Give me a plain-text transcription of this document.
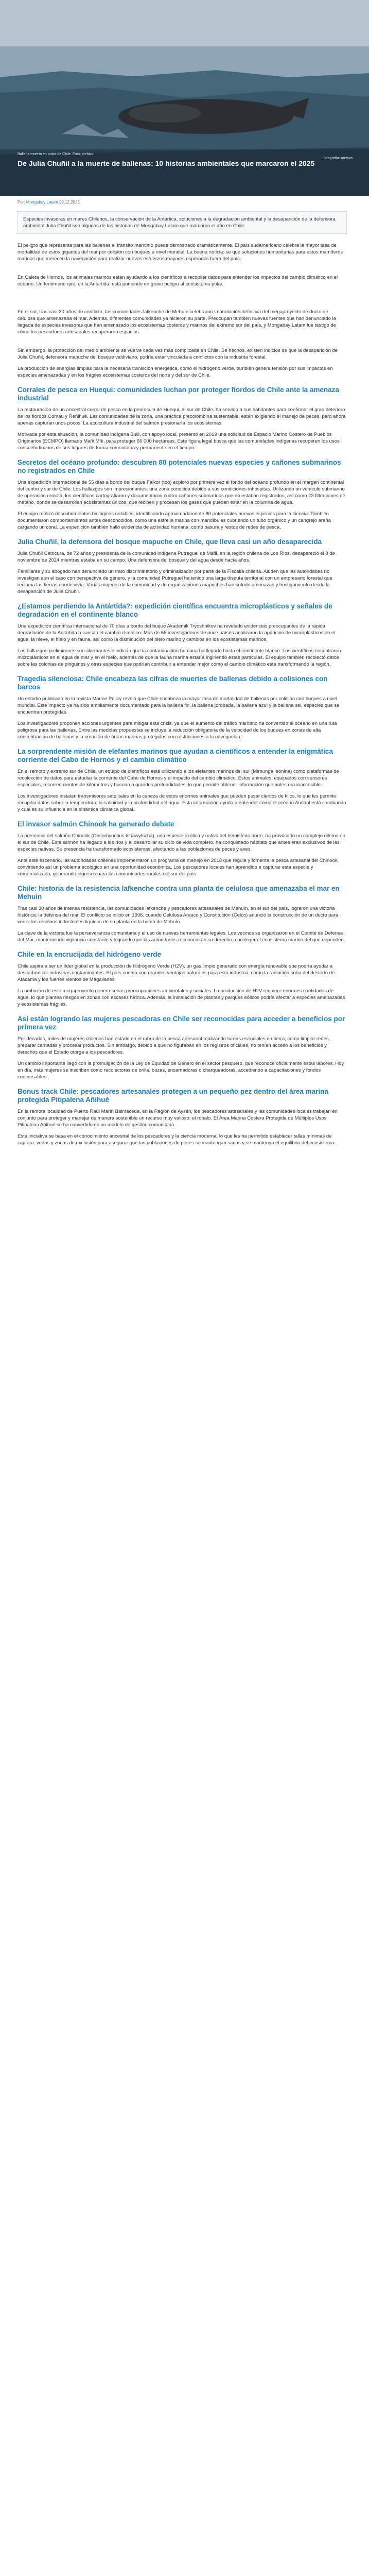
Ballena muerta en costa de Chile. Foto: archivo
Fotografía: archivo
De Julia Chuñil a la muerte de ballenas: 10 historias ambientales que marcaron el 2025
Por: Mongabay Latam 29.12.2025
Especies invasoras en mares Chilenos, la conservación de la Antártica, soluciones a la degradación ambiental y la desaparición de la defensora ambiental Julia Chuñil son algunas de las historias de Mongabay Latam que marcaron el año en Chile.

El peligro que representa para las ballenas el tránsito marítimo puede demostrado dramáticamente. El país sudamericano celebra la mayor tasa de mortalidad de estos gigantes del mar por colisión con buques a nivel mundial. La buena noticia: se que soluciones humanitarias para estos mamíferos marinos que merecen la navegación para realizar nuevos esfuerzos mayores esperados fuera del país.

En Caleta de Hornos, los animales marinos están ayudando a los científicos a recopilar datos para entender los impactos del cambio climático en el océano. Un fenómeno que, en la Antártida, está poniendo en grave peligro al ecosistema polar.

En el sur, tras casi 30 años de conflicto, las comunidades lafkenche de Mehuín celebraron la anulación definitiva del megaproyecto de ducto de celulosa que amenazaba el mar. Además, diferentes comunidades ya hicieron su parte. Preocupan también nuevas fuentes que han denunciado la llegada de especies invasoras que han amenazado los ecosistemas costeros y marinos del extremo sur del país, y Mongabay Latam fue testigo de cómo los pescadores artesanales recuperaron espacios.

Sin embargo, la protección del medio ambiente se vuelve cada vez más complicada en Chile. Se hechos, existen indicios de que la desaparición de Julia Chuñil, defensora mapuche del bosque valdiviano, podría estar vinculada a conflictos con la industria forestal.

La producción de energías limpias para la necesaria transición energética, como el hidrógeno verde, también genera tensión por sus impactos en especies amenazadas y en los frágiles ecosistemas costeros del norte y del sur de Chile.

Corrales de pesca en Huequi: comunidades luchan por proteger fiordos de Chile ante la amenaza industrial

La restauración de un ancestral corral de pesca en la península de Huequi, al sur de Chile, ha servido a sus habitantes para confirmar el gran deterioro de los fiordos Comau y Reñihué. Las comunidades de la zona, una práctica precolombina sustentable, están exigiendo el manejo de peces, pero ahora apenas capturan unos pocos. La acuicultura industrial del salmón presionaría los ecosistemas.

Motivada por esta situación, la comunidad indígena Buill, con apoyo local, presentó en 2019 una solicitud de Espacio Marino Costero de Pueblos Originarios (ECMPO) llamado Mañi Mñi, para proteger 66 000 hectáreas. Este figura legal busca que las comunidades indígenas recuperen los usos consuetudinarios de sus lugares de forma comunitaria y permanente en el tiempo.

Secretos del océano profundo: descubren 80 potenciales nuevas especies y cañones submarinos no registrados en Chile

Una expedición internacional de 55 días a bordo del buque Falkor (too) exploró por primera vez el fondo del océano profundo en el margen continental del centro y sur de Chile. Los hallazgos son impresionantes: una zona conocida debido a sus condiciones inhóspitas. Utilizando un vehículo submarino de operación remota, los científicos cartografiaron y documentaron cuatro cañones submarinos que no estaban registrados, así como 23 filtraciones de metano, donde se desarrollan ecosistemas únicos, que reciben y procesan los gases que pueden estar en la columna de agua.

El equipo realizó descubrimientos biológicos notables, identificando aproximadamente 80 potenciales nuevas especies para la ciencia. También documentaron comportamientos antes desconocidos, como una estrella marina con mandíbulas cubriendo un tubo orgánico y un cangrejo araña cargando un coral. La expedición también halló evidencia de actividad humana, como basura y restos de redes de pesca.

Julia Chuñil, la defensora del bosque mapuche en Chile, que lleva casi un año desaparecida

Julia Chuñil Catricura, de 72 años y presidenta de la comunidad indígena Putreguel de Máfil, en la región chilena de Los Ríos, desapareció el 8 de noviembre de 2024 mientras estaba en su campo. Una defensora del bosque y del agua desde hacía años.

Familiares y su abogado han denunciado un trato discriminatorio y criminalizador por parte de la Fiscalía chilena. Aluden que las autoridades no investigan aún el caso con perspectiva de género, y la comunidad Putreguel ha tenido una larga disputa territorial con un empresario forestal que reclama las tierras donde vivía. Varias mujeres de la comunidad y de organizaciones mapuches han sufrido amenazas y hostigamiento desde la desaparición de Julia Chuñil.

¿Estamos perdiendo la Antártida?: expedición científica encuentra microplásticos y señales de degradación en el continente blanco

Una expedición científica internacional de 70 días a bordo del buque Akademik Tryoshnikov ha revelado evidencias preocupantes de la rápida degradación de la Antártida a causa del cambio climático. Más de 55 investigadores de once países analizaron la aparición de microplásticos en el agua, la nieve, el hielo y en fauna, así como la disminución del hielo marino y cambios en los ecosistemas marinos.

Los hallazgos preliminares son alarmantes e indican que la contaminación humana ha llegado hasta el continente blanco. Los científicos encontraron microplásticos en el agua de mar y en el hielo, además de que la fauna marina estaría ingiriendo estas partículas. El equipo también recolectó datos sobre las colonias de pingüinos y otras especies que podrían contribuir a entender mejor cómo el cambio climático está transformando la región.

Tragedia silenciosa: Chile encabeza las cifras de muertes de ballenas debido a colisiones con barcos

Un estudio publicado en la revista Marine Policy reveló que Chile encabeza la mayor tasa de mortalidad de ballenas por colisión con buques a nivel mundial. Este impacto ya ha sido ampliamente documentado para la ballena fin, la ballena jorobada, la ballena azul y la ballena sei, especies que se encuentran protegidas.

Los investigadores proponen acciones urgentes para mitigar esta crisis, ya que el aumento del tráfico marítimo ha convertido al océano en una ruta peligrosa para las ballenas. Entre las medidas propuestas se incluye la reducción obligatoria de la velocidad de los buques en zonas de alta concentración de ballenas y la creación de áreas marinas protegidas con restricciones a la navegación.

La sorprendente misión de elefantes marinos que ayudan a científicos a entender la enigmática corriente del Cabo de Hornos y el cambio climático

En el remoto y extremo sur de Chile, un equipo de científicos está utilizando a los elefantes marinos del sur (Mirounga leonina) como plataformas de recolección de datos para estudiar la corriente del Cabo de Hornos y el impacto del cambio climático. Estos animales, equipados con sensores especiales, recorren cientos de kilómetros y bucean a grandes profundidades, lo que permite obtener información que antes era inaccesible.

Los investigadores instalan transmisores satelitales en la cabeza de estos enormes animales que pueden pesar cientos de kilos, lo que les permite recopilar datos sobre la temperatura, la salinidad y la profundidad del agua. Esta información ayuda a entender cómo el océano Austral está cambiando y cuál es su influencia en la dinámica climática global.

El invasor salmón Chinook ha generado debate

La presencia del salmón Chinook (Oncorhynchus tshawytscha), una especie exótica y nativa del hemisferio norte, ha provocado un complejo dilema en el sur de Chile. Este salmón ha llegado a los ríos y al desarrollar su ciclo de vida completo, ha conquistado hábitats que antes eran exclusivos de las especies nativas. Su presencia ha transformado ecosistemas, afectando a las poblaciones de peces y aves.

Ante este escenario, las autoridades chilenas implementaron un programa de manejo en 2018 que regula y fomenta la pesca artesanal del Chinook, convirtiendo así un problema ecológico en una oportunidad económica. Los pescadores locales han aprendido a capturar esta especie y comercializarla, generando ingresos para las comunidades rurales del sur del país.

Chile: historia de la resistencia lafkenche contra una planta de celulosa que amenazaba el mar en Mehuín

Tras casi 30 años de intensa resistencia, las comunidades lafkenche y pescadores artesanales de Mehuín, en el sur del país, lograron una victoria histórica: la defensa del mar. El conflicto se inició en 1996, cuando Celulosa Arauco y Constitución (Celco) anunció la construcción de un ducto para verter los residuos industriales líquidos de su planta en la bahía de Mehuín.

La clave de la victoria fue la perseverancia comunitaria y el uso de nuevas herramientas legales. Los vecinos se organizaron en el Comité de Defensa del Mar, manteniendo vigilancia constante y logrando que las autoridades reconocieran su derecho a proteger el ecosistema marino del que dependen.

Chile en la encrucijada del hidrógeno verde

Chile aspira a ser un líder global en la producción de Hidrógeno Verde (H2V), un gas limpio generado con energía renovable que podría ayudar a descarbonizar industrias contaminantes. El país cuenta con grandes ventajas naturales para esta industria, como la radiación solar del desierto de Atacama y los fuertes vientos de Magallanes.

La ambición de este megaproyecto genera serias preocupaciones ambientales y sociales. La producción de H2V requiere enormes cantidades de agua, lo que plantea riesgos en zonas con escasez hídrica. Además, la instalación de plantas y parques eólicos podría afectar a especies amenazadas y ecosistemas frágiles.

Así están logrando las mujeres pescadoras en Chile ser reconocidas para acceder a beneficios por primera vez

Por décadas, miles de mujeres chilenas han estado en el rubro de la pesca artesanal realizando tareas esenciales en tierra, como limpiar redes, preparar carnadas y procesar productos. Sin embargo, debido a que no figuraban en los registros oficiales, no tenían acceso a los beneficios y derechos que el Estado otorga a los pescadores.

Un cambio importante llegó con la promulgación de la Ley de Equidad de Género en el sector pesquero, que reconoce oficialmente estas labores. Hoy en día, más mujeres se inscriben como recolectoras de orilla, buzas, encarnadoras o charqueadoras, accediendo a capacitaciones y fondos concursables.

Bonus track Chile: pescadores artesanales protegen a un pequeño pez dentro del área marina protegida Pitipalena Añihué

En la remota localidad de Puerto Raúl Marín Balmaceda, en la Región de Aysén, los pescadores artesanales y las comunidades locales trabajan en conjunto para proteger y manejar de manera sostenible un recurso muy valioso: el róbalo. El Área Marina Costera Protegida de Múltiples Usos Pitipalena Añihué se ha convertido en un modelo de gestión comunitaria.

Esta iniciativa se basa en el conocimiento ancestral de los pescadores y la ciencia moderna, lo que les ha permitido establecer tallas mínimas de captura, vedas y zonas de exclusión para asegurar que las poblaciones de peces se mantengan sanas y se mantenga el equilibrio del ecosistema.
